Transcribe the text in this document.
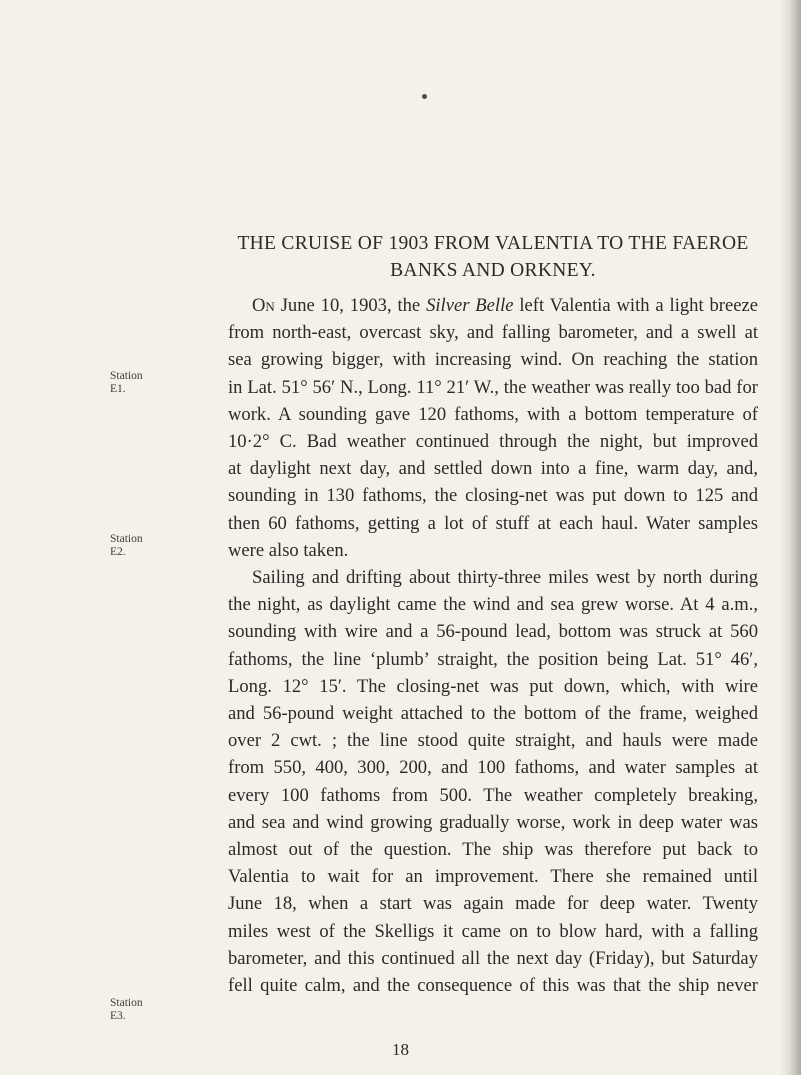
THE CRUISE OF 1903 FROM VALENTIA TO THE FAEROE BANKS AND ORKNEY.
Station
E1.
Station
E2.
Station
E3.
On June 10, 1903, the Silver Belle left Valentia with a light breeze
from north-east, overcast sky, and falling barometer, and a swell at
sea growing bigger, with increasing wind. On reaching the station
in Lat. 51° 56′ N., Long. 11° 21′ W., the weather was really too bad for
work. A sounding gave 120 fathoms, with a bottom temperature of
10·2° C. Bad weather continued through the night, but improved
at daylight next day, and settled down into a fine, warm day, and,
sounding in 130 fathoms, the closing-net was put down to 125 and
then 60 fathoms, getting a lot of stuff at each haul. Water samples
were also taken.
Sailing and drifting about thirty-three miles west by north during
the night, as daylight came the wind and sea grew worse. At 4 a.m.,
sounding with wire and a 56-pound lead, bottom was struck at 560
fathoms, the line ‘plumb’ straight, the position being Lat. 51° 46′,
Long. 12° 15′. The closing-net was put down, which, with wire
and 56-pound weight attached to the bottom of the frame, weighed
over 2 cwt. ; the line stood quite straight, and hauls were made
from 550, 400, 300, 200, and 100 fathoms, and water samples at
every 100 fathoms from 500. The weather completely breaking,
and sea and wind growing gradually worse, work in deep water was
almost out of the question. The ship was therefore put back to
Valentia to wait for an improvement. There she remained until
June 18, when a start was again made for deep water. Twenty
miles west of the Skelligs it came on to blow hard, with a falling
barometer, and this continued all the next day (Friday), but Saturday
fell quite calm, and the consequence of this was that the ship never
18
